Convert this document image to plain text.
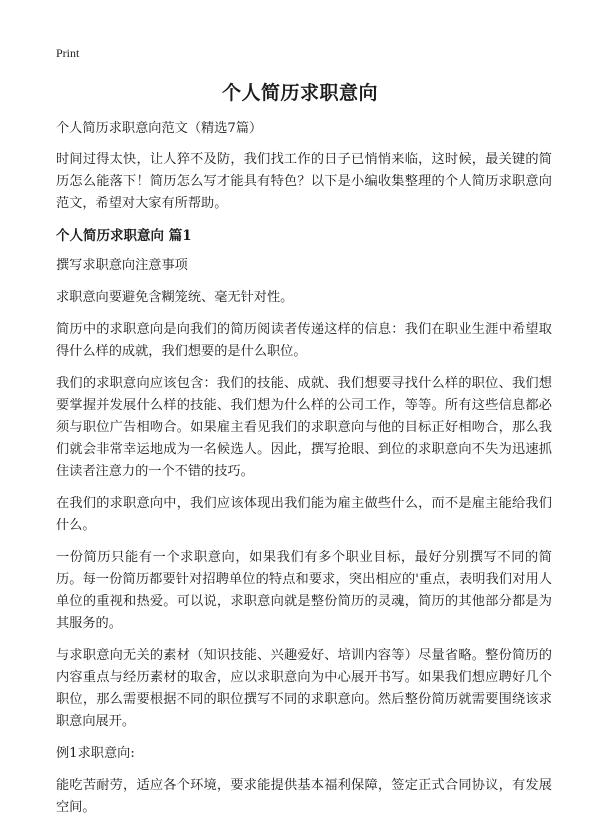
Print
个人简历求职意向

个人简历求职意向范文（精选7篇）

时间过得太快，让人猝不及防，我们找工作的日子已悄悄来临，这时候，最关键的简历怎么能落下！简历怎么写才能具有特色？以下是小编收集整理的个人简历求职意向范文，希望对大家有所帮助。

个人简历求职意向 篇1

撰写求职意向注意事项

求职意向要避免含糊笼统、毫无针对性。

简历中的求职意向是向我们的简历阅读者传递这样的信息：我们在职业生涯中希望取得什么样的成就，我们想要的是什么职位。

我们的求职意向应该包含：我们的技能、成就、我们想要寻找什么样的职位、我们想要掌握并发展什么样的技能、我们想为什么样的公司工作，等等。所有这些信息都必须与职位广告相吻合。如果雇主看见我们的求职意向与他的目标正好相吻合，那么我们就会非常幸运地成为一名候选人。因此，撰写抢眼、到位的求职意向不失为迅速抓住读者注意力的一个不错的技巧。

在我们的求职意向中，我们应该体现出我们能为雇主做些什么，而不是雇主能给我们什么。

一份简历只能有一个求职意向，如果我们有多个职业目标，最好分别撰写不同的简历。每一份简历都要针对招聘单位的特点和要求，突出相应的'重点，表明我们对用人单位的重视和热爱。可以说，求职意向就是整份简历的灵魂，简历的其他部分都是为其服务的。

与求职意向无关的素材（知识技能、兴趣爱好、培训内容等）尽量省略。整份简历的内容重点与经历素材的取舍，应以求职意向为中心展开书写。如果我们想应聘好几个职位，那么需要根据不同的职位撰写不同的求职意向。然后整份简历就需要围绕该求职意向展开。

例1求职意向:

能吃苦耐劳，适应各个环境，要求能提供基本福利保障，签定正式合同协议，有发展空间。
